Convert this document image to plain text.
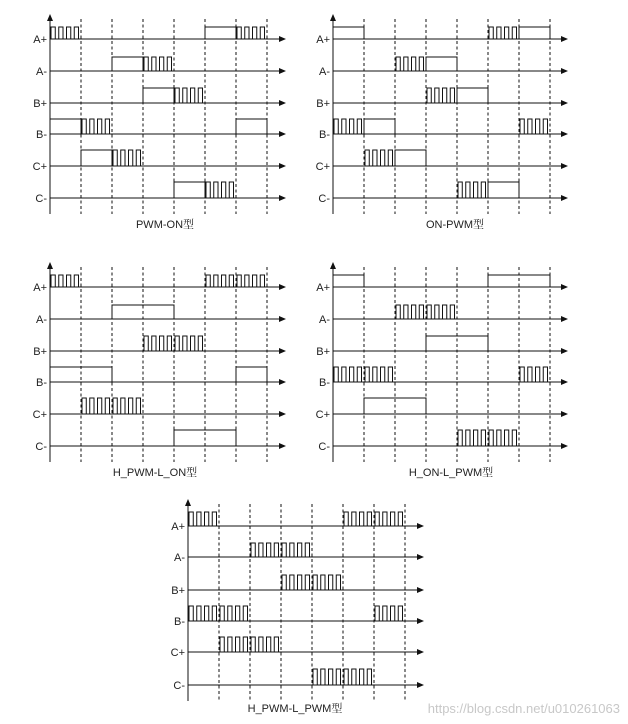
A+
A-
B+
B-
C+
C-
PWM-ON型
A+
A-
B+
B-
C+
C-
ON-PWM型
A+
A-
B+
B-
C+
C-
H_PWM-L_ON型
A+
A-
B+
B-
C+
C-
H_ON-L_PWM型
A+
A-
B+
B-
C+
C-
H_PWM-L_PWM型	https://blog.csdn.net/u010261063
